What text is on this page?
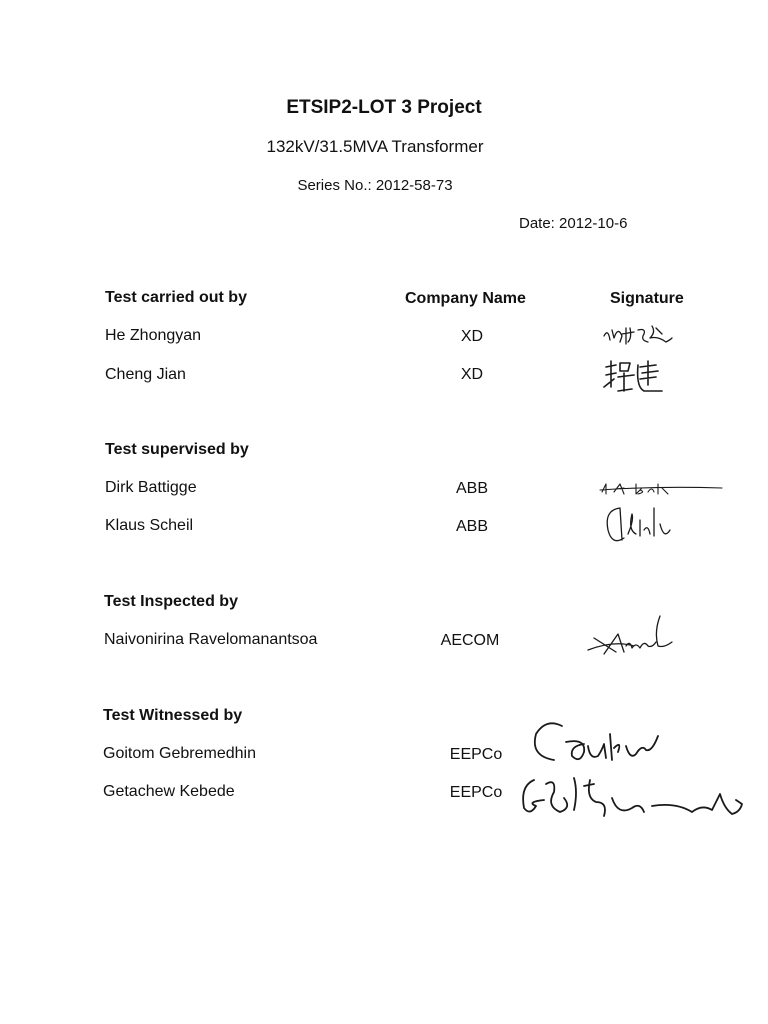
ETSIP2-LOT 3 Project
132kV/31.5MVA Transformer
Series No.: 2012-58-73
Date: 2012-10-6
Test carried out by	Company Name	Signature
He Zhongyan	XD
Cheng Jian	XD
Test supervised by
Dirk Battigge	ABB
Klaus Scheil	ABB
Test Inspected by
Naivonirina Ravelomanantsoa	AECOM
Test Witnessed by
Goitom Gebremedhin	EEPCo
Getachew Kebede	EEPCo
